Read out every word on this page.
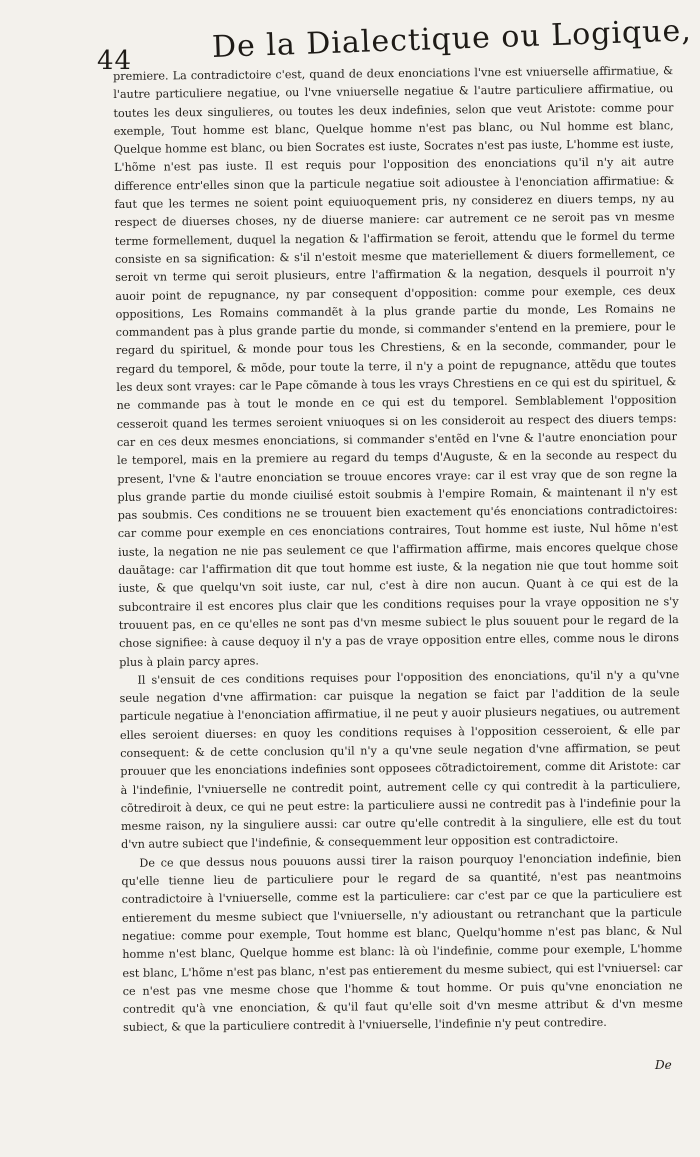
44	De la Dialectique ou Logique,

premiere. La contradictoire c'est, quand de deux enonciations l'vne est vniuerselle affirmatiue, & l'autre particuliere negatiue, ou l'vne vniuerselle negatiue & l'autre particuliere affirmatiue, ou toutes les deux singulieres, ou toutes les deux indefinies, selon que veut Aristote: comme pour exemple, Tout homme est blanc, Quelque homme n'est pas blanc, ou Nul homme est blanc, Quelque homme est blanc, ou bien Socrates est iuste, Socrates n'est pas iuste, L'homme est iuste, L'hõme n'est pas iuste. Il est requis pour l'opposition des enonciations qu'il n'y ait autre difference entr'elles sinon que la particule negatiue soit adioustee à l'enonciation affirmatiue: & faut que les termes ne soient point equiuoquement pris, ny considerez en diuers temps, ny au respect de diuerses choses, ny de diuerse maniere: car autrement ce ne seroit pas vn mesme terme formellement, duquel la negation & l'affirmation se feroit, attendu que le formel du terme consiste en sa signification: & s'il n'estoit mesme que materiellement & diuers formellement, ce seroit vn terme qui seroit plusieurs, entre l'affirmation & la negation, desquels il pourroit n'y auoir point de repugnance, ny par consequent d'opposition: comme pour exemple, ces deux oppositions, Les Romains commandẽt à la plus grande partie du monde, Les Romains ne commandent pas à plus grande partie du monde, si commander s'entend en la premiere, pour le regard du spirituel, & monde pour tous les Chrestiens, & en la seconde, commander, pour le regard du temporel, & mõde, pour toute la terre, il n'y a point de repugnance, attẽdu que toutes les deux sont vrayes: car le Pape cõmande à tous les vrays Chrestiens en ce qui est du spirituel, & ne commande pas à tout le monde en ce qui est du temporel. Semblablement l'opposition cesseroit quand les termes seroient vniuoques si on les consideroit au respect des diuers temps: car en ces deux mesmes enonciations, si commander s'entẽd en l'vne & l'autre enonciation pour le temporel, mais en la premiere au regard du temps d'Auguste, & en la seconde au respect du present, l'vne & l'autre enonciation se trouue encores vraye: car il est vray que de son regne la plus grande partie du monde ciuilisé estoit soubmis à l'empire Romain, & maintenant il n'y est pas soubmis. Ces conditions ne se trouuent bien exactement qu'és enonciations contradictoires: car comme pour exemple en ces enonciations contraires, Tout homme est iuste, Nul hõme n'est iuste, la negation ne nie pas seulement ce que l'affirmation affirme, mais encores quelque chose dauãtage: car l'affirmation dit que tout homme est iuste, & la negation nie que tout homme soit iuste, & que quelqu'vn soit iuste, car nul, c'est à dire non aucun. Quant à ce qui est de la subcontraire il est encores plus clair que les conditions requises pour la vraye opposition ne s'y trouuent pas, en ce qu'elles ne sont pas d'vn mesme subiect le plus souuent pour le regard de la chose signifiee: à cause dequoy il n'y a pas de vraye opposition entre elles, comme nous le dirons plus à plain parcy apres.

Il s'ensuit de ces conditions requises pour l'opposition des enonciations, qu'il n'y a qu'vne seule negation d'vne affirmation: car puisque la negation se faict par l'addition de la seule particule negatiue à l'enonciation affirmatiue, il ne peut y auoir plusieurs negatiues, ou autrement elles seroient diuerses: en quoy les conditions requises à l'opposition cesseroient, & elle par consequent: & de cette conclusion qu'il n'y a qu'vne seule negation d'vne affirmation, se peut prouuer que les enonciations indefinies sont opposees cõtradictoirement, comme dit Aristote: car à l'indefinie, l'vniuerselle ne contredit point, autrement celle cy qui contredit à la particuliere, cõtrediroit à deux, ce qui ne peut estre: la particuliere aussi ne contredit pas à l'indefinie pour la mesme raison, ny la singuliere aussi: car outre qu'elle contredit à la singuliere, elle est du tout d'vn autre subiect que l'indefinie, & consequemment leur opposition est contradictoire.

De ce que dessus nous pouuons aussi tirer la raison pourquoy l'enonciation indefinie, bien qu'elle tienne lieu de particuliere pour le regard de sa quantité, n'est pas neantmoins contradictoire à l'vniuerselle, comme est la particuliere: car c'est par ce que la particuliere est entierement du mesme subiect que l'vniuerselle, n'y adioustant ou retranchant que la particule negatiue: comme pour exemple, Tout homme est blanc, Quelqu'homme n'est pas blanc, & Nul homme n'est blanc, Quelque homme est blanc: là où l'indefinie, comme pour exemple, L'homme est blanc, L'hõme n'est pas blanc, n'est pas entierement du mesme subiect, qui est l'vniuersel: car ce n'est pas vne mesme chose que l'homme & tout homme. Or puis qu'vne enonciation ne contredit qu'à vne enonciation, & qu'il faut qu'elle soit d'vn mesme attribut & d'vn mesme subiect, & que la particuliere contredit à l'vniuerselle, l'indefinie n'y peut contredire.

De
